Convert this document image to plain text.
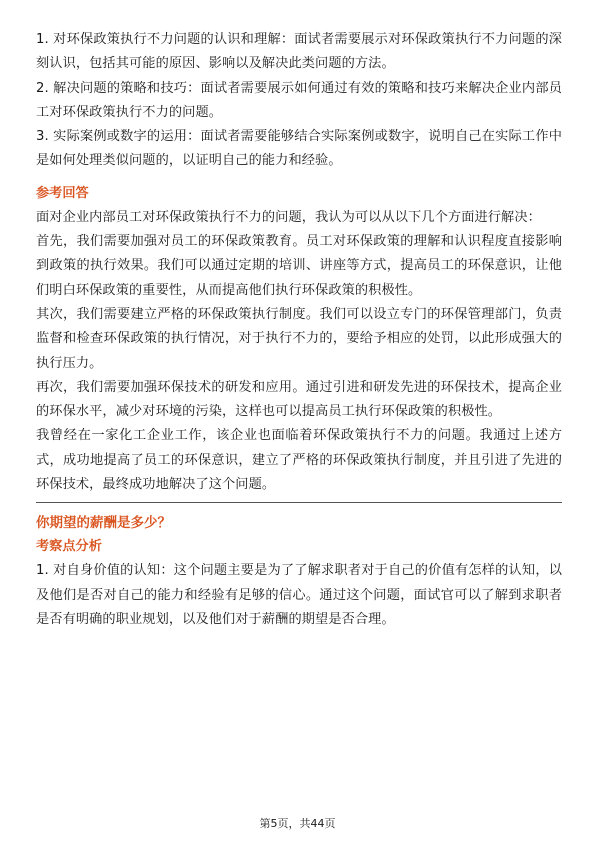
1. 对环保政策执行不力问题的认识和理解：面试者需要展示对环保政策执行不力问题的深刻认识，包括其可能的原因、影响以及解决此类问题的方法。

2. 解决问题的策略和技巧：面试者需要展示如何通过有效的策略和技巧来解决企业内部员工对环保政策执行不力的问题。

3. 实际案例或数字的运用：面试者需要能够结合实际案例或数字，说明自己在实际工作中是如何处理类似问题的，以证明自己的能力和经验。

参考回答

面对企业内部员工对环保政策执行不力的问题，我认为可以从以下几个方面进行解决：

首先，我们需要加强对员工的环保政策教育。员工对环保政策的理解和认识程度直接影响到政策的执行效果。我们可以通过定期的培训、讲座等方式，提高员工的环保意识，让他们明白环保政策的重要性，从而提高他们执行环保政策的积极性。

其次，我们需要建立严格的环保政策执行制度。我们可以设立专门的环保管理部门，负责监督和检查环保政策的执行情况，对于执行不力的，要给予相应的处罚，以此形成强大的执行压力。

再次，我们需要加强环保技术的研发和应用。通过引进和研发先进的环保技术，提高企业的环保水平，减少对环境的污染，这样也可以提高员工执行环保政策的积极性。

我曾经在一家化工企业工作，该企业也面临着环保政策执行不力的问题。我通过上述方式，成功地提高了员工的环保意识，建立了严格的环保政策执行制度，并且引进了先进的环保技术，最终成功地解决了这个问题。

你期望的薪酬是多少？

考察点分析

1. 对自身价值的认知：这个问题主要是为了了解求职者对于自己的价值有怎样的认知，以及他们是否对自己的能力和经验有足够的信心。通过这个问题，面试官可以了解到求职者是否有明确的职业规划，以及他们对于薪酬的期望是否合理。

第5页，共44页
